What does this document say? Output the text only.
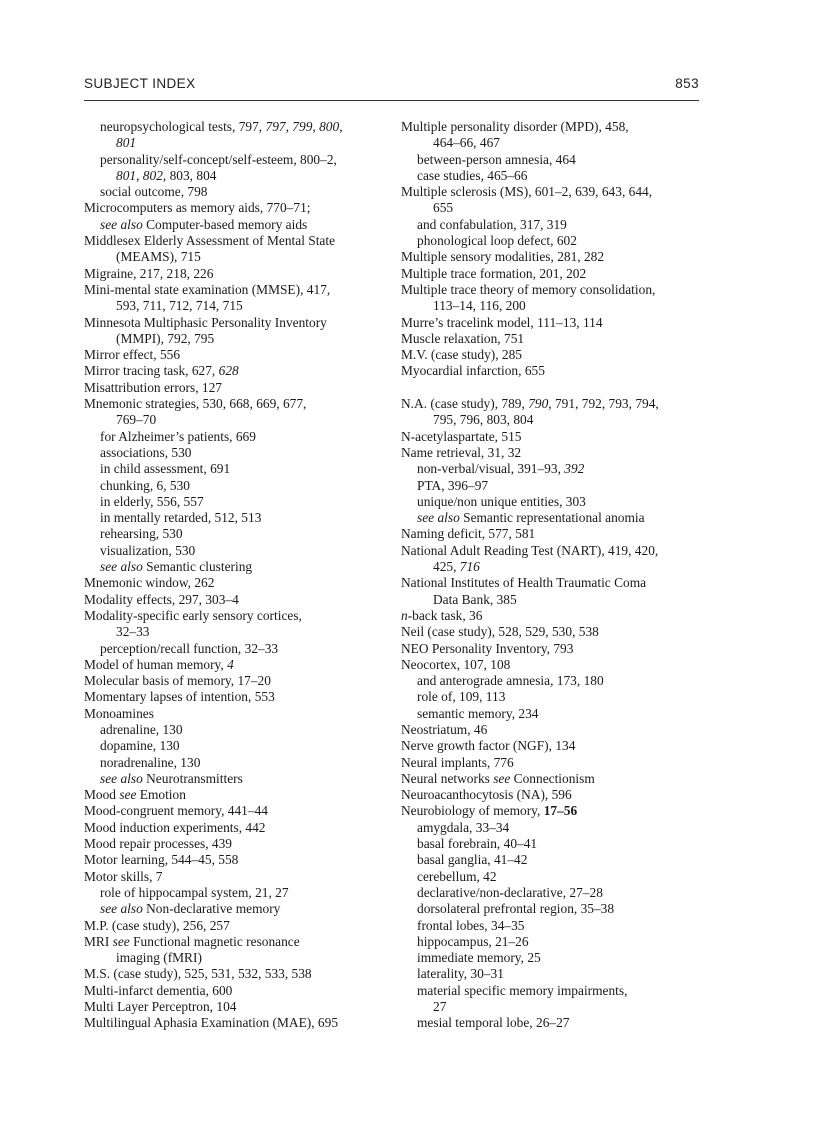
SUBJECT INDEX	853
neuropsychological tests, 797, 797, 799, 800,
801
personality/self-concept/self-esteem, 800–2,
801, 802, 803, 804
social outcome, 798
Microcomputers as memory aids, 770–71;
see also Computer-based memory aids
Middlesex Elderly Assessment of Mental State
(MEAMS), 715
Migraine, 217, 218, 226
Mini-mental state examination (MMSE), 417,
593, 711, 712, 714, 715
Minnesota Multiphasic Personality Inventory
(MMPI), 792, 795
Mirror effect, 556
Mirror tracing task, 627, 628
Misattribution errors, 127
Mnemonic strategies, 530, 668, 669, 677,
769–70
for Alzheimer’s patients, 669
associations, 530
in child assessment, 691
chunking, 6, 530
in elderly, 556, 557
in mentally retarded, 512, 513
rehearsing, 530
visualization, 530
see also Semantic clustering
Mnemonic window, 262
Modality effects, 297, 303–4
Modality-specific early sensory cortices,
32–33
perception/recall function, 32–33
Model of human memory, 4
Molecular basis of memory, 17–20
Momentary lapses of intention, 553
Monoamines
adrenaline, 130
dopamine, 130
noradrenaline, 130
see also Neurotransmitters
Mood see Emotion
Mood-congruent memory, 441–44
Mood induction experiments, 442
Mood repair processes, 439
Motor learning, 544–45, 558
Motor skills, 7
role of hippocampal system, 21, 27
see also Non-declarative memory
M.P. (case study), 256, 257
MRI see Functional magnetic resonance
imaging (fMRI)
M.S. (case study), 525, 531, 532, 533, 538
Multi-infarct dementia, 600
Multi Layer Perceptron, 104
Multilingual Aphasia Examination (MAE), 695
Multiple personality disorder (MPD), 458,
464–66, 467
between-person amnesia, 464
case studies, 465–66
Multiple sclerosis (MS), 601–2, 639, 643, 644,
655
and confabulation, 317, 319
phonological loop defect, 602
Multiple sensory modalities, 281, 282
Multiple trace formation, 201, 202
Multiple trace theory of memory consolidation,
113–14, 116, 200
Murre’s tracelink model, 111–13, 114
Muscle relaxation, 751
M.V. (case study), 285
Myocardial infarction, 655
N.A. (case study), 789, 790, 791, 792, 793, 794,
795, 796, 803, 804
N-acetylaspartate, 515
Name retrieval, 31, 32
non-verbal/visual, 391–93, 392
PTA, 396–97
unique/non unique entities, 303
see also Semantic representational anomia
Naming deficit, 577, 581
National Adult Reading Test (NART), 419, 420,
425, 716
National Institutes of Health Traumatic Coma
Data Bank, 385
n-back task, 36
Neil (case study), 528, 529, 530, 538
NEO Personality Inventory, 793
Neocortex, 107, 108
and anterograde amnesia, 173, 180
role of, 109, 113
semantic memory, 234
Neostriatum, 46
Nerve growth factor (NGF), 134
Neural implants, 776
Neural networks see Connectionism
Neuroacanthocytosis (NA), 596
Neurobiology of memory, 17–56
amygdala, 33–34
basal forebrain, 40–41
basal ganglia, 41–42
cerebellum, 42
declarative/non-declarative, 27–28
dorsolateral prefrontal region, 35–38
frontal lobes, 34–35
hippocampus, 21–26
immediate memory, 25
laterality, 30–31
material specific memory impairments,
27
mesial temporal lobe, 26–27
